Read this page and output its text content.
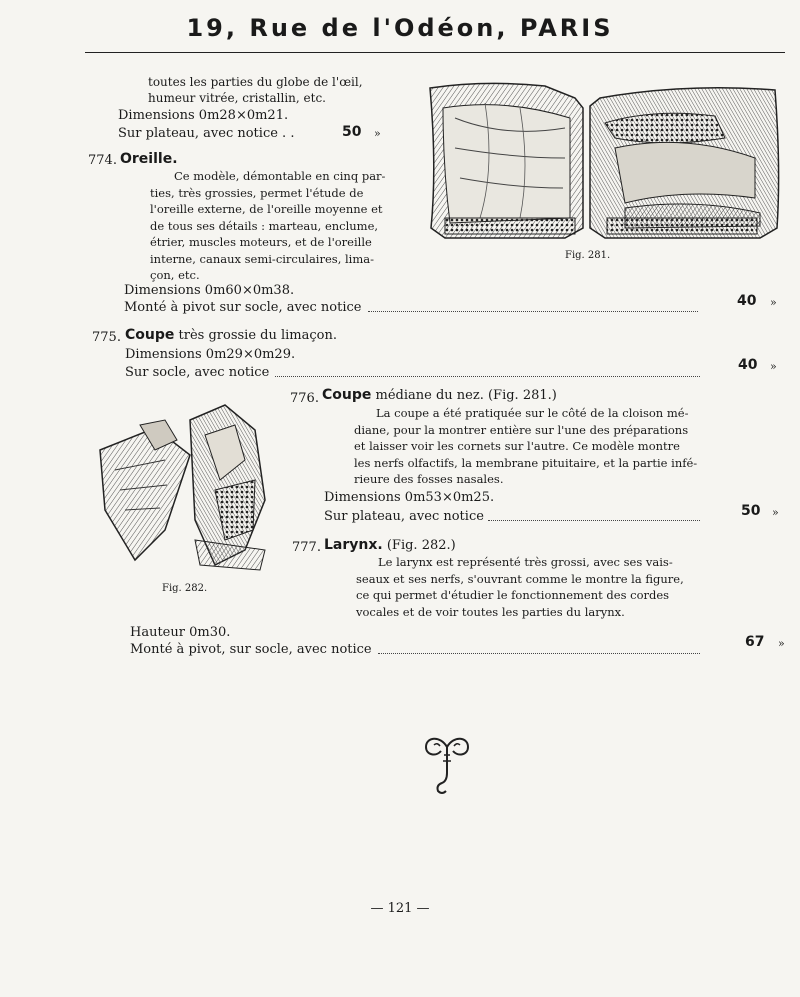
19, Rue de l'Odéon, PARIS
toutes les parties du globe de l'œil,
humeur vitrée, cristallin, etc.
Dimensions 0m28×0m21.
Sur plateau, avec notice . .	50 »
774. Oreille.
Ce modèle, démontable en cinq par-
ties, très grossies, permet l'étude de
l'oreille externe, de l'oreille moyenne et
de tous ses détails : marteau, enclume,
étrier, muscles moteurs, et de l'oreille
interne, canaux semi-circulaires, lima-
çon, etc.
Dimensions 0m60×0m38.
Monté à pivot sur socle, avec notice	40 »
Fig. 281.
775. Coupe très grossie du limaçon.
Dimensions 0m29×0m29.
Sur socle, avec notice	40 »
Fig. 282.
776. Coupe médiane du nez. (Fig. 281.)
La coupe a été pratiquée sur le côté de la cloison mé-
diane, pour la montrer entière sur l'une des préparations
et laisser voir les cornets sur l'autre. Ce modèle montre
les nerfs olfactifs, la membrane pituitaire, et la partie infé-
rieure des fosses nasales.
Dimensions 0m53×0m25.
Sur plateau, avec notice	50 »
777. Larynx. (Fig. 282.)
Le larynx est représenté très grossi, avec ses vais-
seaux et ses nerfs, s'ouvrant comme le montre la figure,
ce qui permet d'étudier le fonctionnement des cordes
vocales et de voir toutes les parties du larynx.
Hauteur 0m30.
Monté à pivot, sur socle, avec notice	67 »
— 121 —
